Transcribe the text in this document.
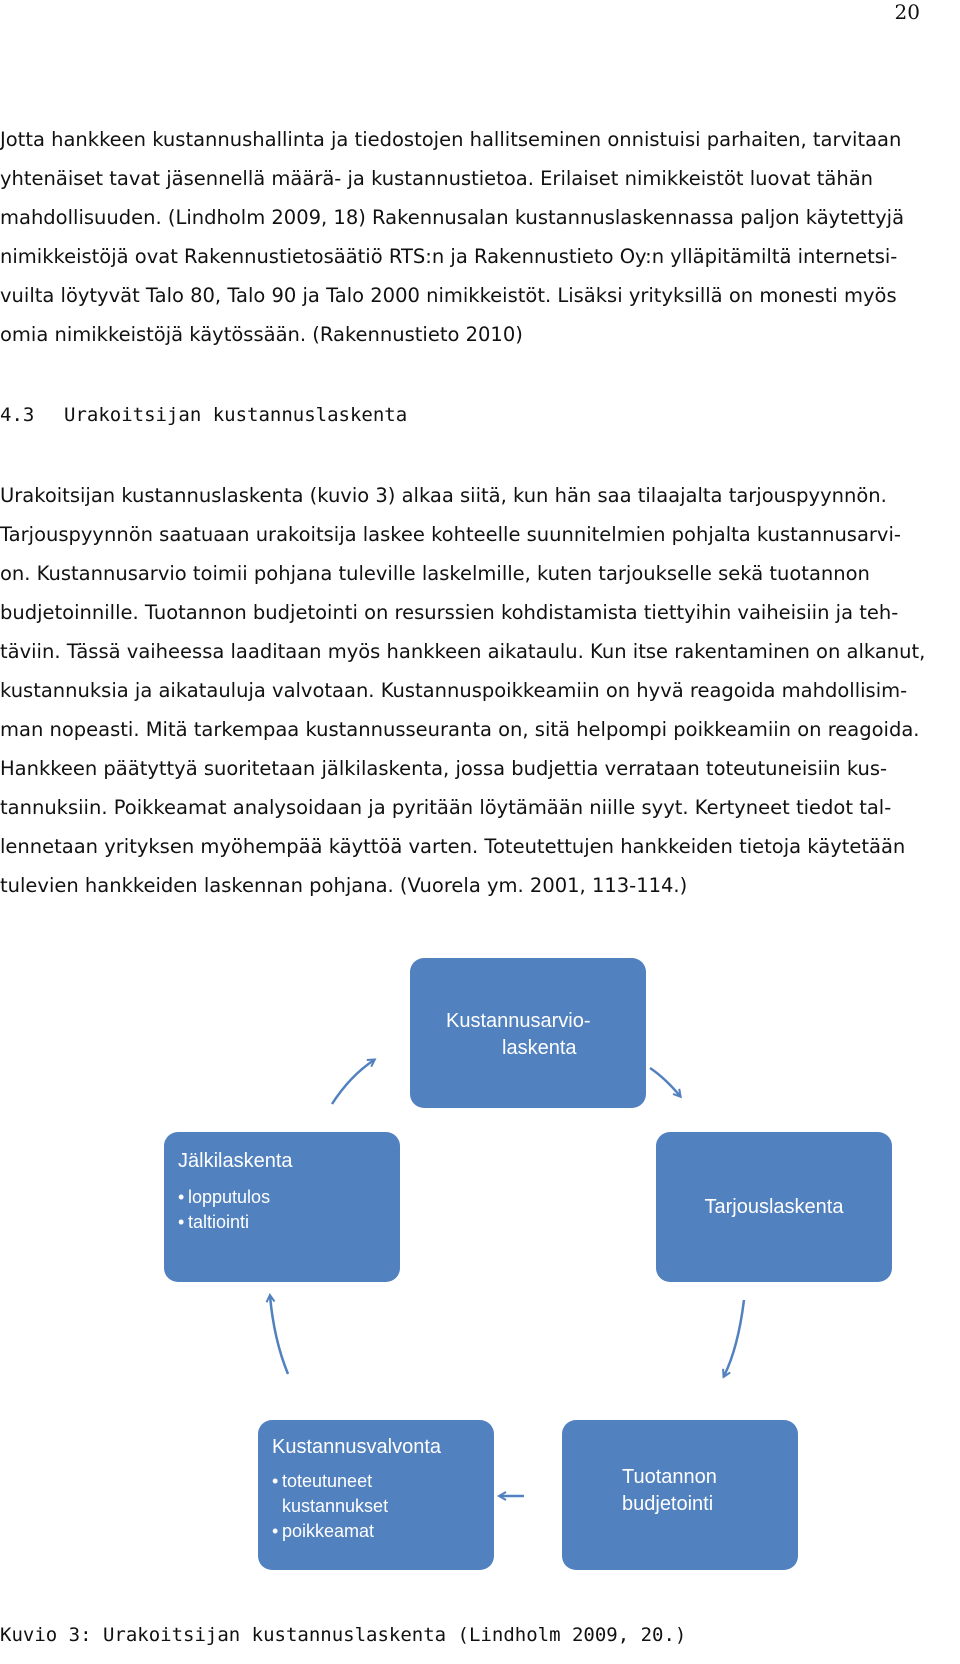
20
Jotta hankkeen kustannushallinta ja tiedostojen hallitseminen onnistuisi parhaiten, tarvitaan
yhtenäiset tavat jäsennellä määrä- ja kustannustietoa. Erilaiset nimikkeistöt luovat tähän
mahdollisuuden. (Lindholm 2009, 18) Rakennusalan kustannuslaskennassa paljon käytettyjä
nimikkeistöjä ovat Rakennustietosäätiö RTS:n ja Rakennustieto Oy:n ylläpitämiltä internetsi-
vuilta löytyvät Talo 80, Talo 90 ja Talo 2000 nimikkeistöt. Lisäksi yrityksillä on monesti myös
omia nimikkeistöjä käytössään. (Rakennustieto 2010)
4.3 Urakoitsijan kustannuslaskenta
Urakoitsijan kustannuslaskenta (kuvio 3) alkaa siitä, kun hän saa tilaajalta tarjouspyynnön.
Tarjouspyynnön saatuaan urakoitsija laskee kohteelle suunnitelmien pohjalta kustannusarvi-
on. Kustannusarvio toimii pohjana tuleville laskelmille, kuten tarjoukselle sekä tuotannon
budjetoinnille. Tuotannon budjetointi on resurssien kohdistamista tiettyihin vaiheisiin ja teh-
täviin. Tässä vaiheessa laaditaan myös hankkeen aikataulu. Kun itse rakentaminen on alkanut,
kustannuksia ja aikatauluja valvotaan. Kustannuspoikkeamiin on hyvä reagoida mahdollisim-
man nopeasti. Mitä tarkempaa kustannusseuranta on, sitä helpompi poikkeamiin on reagoida.
Hankkeen päätyttyä suoritetaan jälkilaskenta, jossa budjettia verrataan toteutuneisiin kus-
tannuksiin. Poikkeamat analysoidaan ja pyritään löytämään niille syyt. Kertyneet tiedot tal-
lennetaan yrityksen myöhempää käyttöä varten. Toteutettujen hankkeiden tietoja käytetään
tulevien hankkeiden laskennan pohjana. (Vuorela ym. 2001, 113-114.)
Kustannusarvio-
laskenta
Tarjouslaskenta
Jälkilaskenta
• lopputulos
• taltiointi
Kustannusvalvonta
• toteutuneet
kustannukset
• poikkeamat
Tuotannon
budjetointi

Kuvio 3: Urakoitsijan kustannuslaskenta (Lindholm 2009, 20.)
